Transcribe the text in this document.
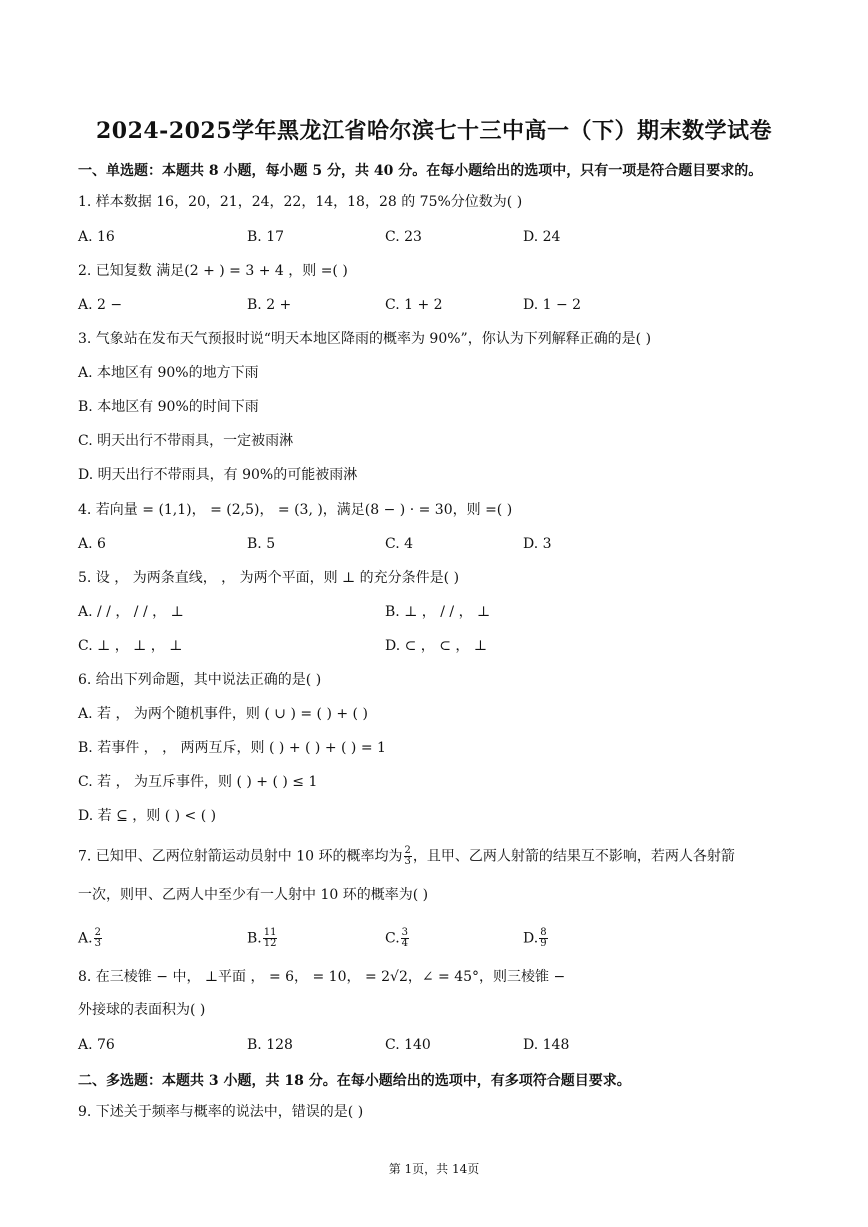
2024-2025学年黑龙江省哈尔滨七十三中高一（下）期末数学试卷
一、单选题：本题共 8 小题，每小题 5 分，共 40 分。在每小题给出的选项中，只有一项是符合题目要求的。
1. 样本数据 16，20，21，24，22，14，18，28 的 75%分位数为( )
A. 16	B. 17	C. 23	D. 24
2. 已知复数 满足(2 + ) = 3 + 4 ，则 =( )
A. 2 −	B. 2 +	C. 1 + 2	D. 1 − 2
3. 气象站在发布天气预报时说“明天本地区降雨的概率为 90%”，你认为下列解释正确的是( )
A. 本地区有 90%的地方下雨
B. 本地区有 90%的时间下雨
C. 明天出行不带雨具，一定被雨淋
D. 明天出行不带雨具，有 90%的可能被雨淋
4. 若向量 = (1,1)， = (2,5)， = (3, )，满足(8 − ) · = 30，则 =( )
A. 6	B. 5	C. 4	D. 3
5. 设 ， 为两条直线， ， 为两个平面，则 ⊥ 的充分条件是( )
A. / / ， / / ， ⊥	B. ⊥ ， / / ， ⊥
C. ⊥ ， ⊥ ， ⊥	D. ⊂ ， ⊂ ， ⊥
6. 给出下列命题，其中说法正确的是( )
A. 若 ， 为两个随机事件，则 ( ∪ ) = ( ) + ( )
B. 若事件 ， ， 两两互斥，则 ( ) + ( ) + ( ) = 1
C. 若 ， 为互斥事件，则 ( ) + ( ) ≤ 1
D. 若 ⊆ ，则 ( ) < ( )
7. 已知甲、乙两位射箭运动员射中 10 环的概率均为 $\frac{2}{3}$ ，且甲、乙两人射箭的结果互不影响，若两人各射箭
一次，则甲、乙两人中至少有一人射中 10 环的概率为( )
A. $\frac{2}{3}$	B. $\frac{11}{12}$	C. $\frac{3}{4}$	D. $\frac{8}{9}$
8. 在三棱锥 − 中， ⊥平面 ， = 6， = 10， = 2√2，∠ = 45°，则三棱锥 −
外接球的表面积为( )
A. 76	B. 128	C. 140	D. 148
二、多选题：本题共 3 小题，共 18 分。在每小题给出的选项中，有多项符合题目要求。
9. 下述关于频率与概率的说法中，错误的是( )
第 1页，共 14页
